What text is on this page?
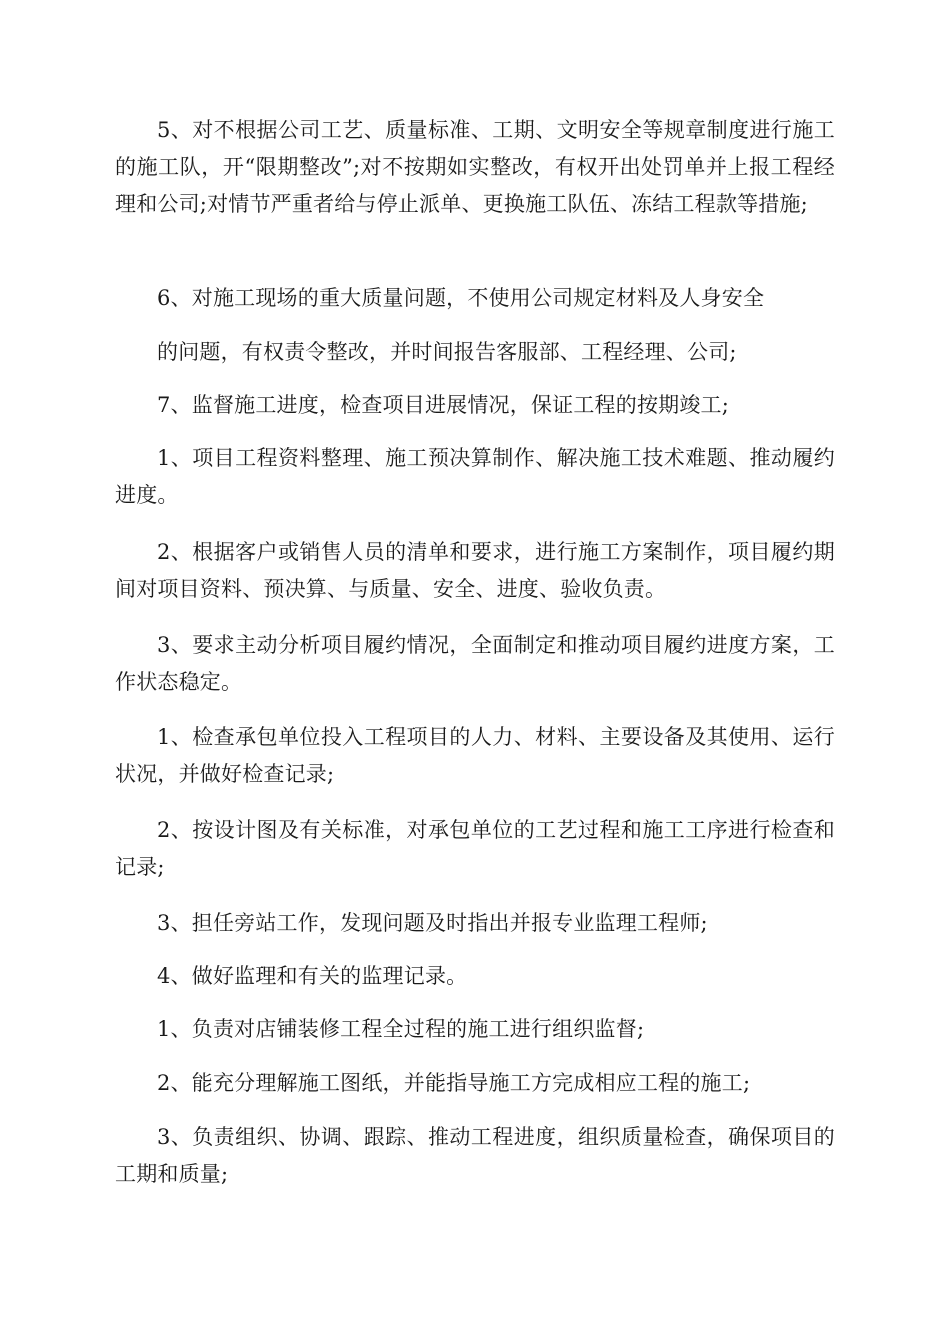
5、对不根据公司工艺、质量标准、工期、文明安全等规章制度进行施工的施工队，开“限期整改”;对不按期如实整改，有权开出处罚单并上报工程经理和公司;对情节严重者给与停止派单、更换施工队伍、冻结工程款等措施;

6、对施工现场的重大质量问题，不使用公司规定材料及人身安全

的问题，有权责令整改，并时间报告客服部、工程经理、公司;

7、监督施工进度，检查项目进展情况，保证工程的按期竣工;

1、项目工程资料整理、施工预决算制作、解决施工技术难题、推动履约进度。

2、根据客户或销售人员的清单和要求，进行施工方案制作，项目履约期间对项目资料、预决算、与质量、安全、进度、验收负责。

3、要求主动分析项目履约情况，全面制定和推动项目履约进度方案，工作状态稳定。

1、检查承包单位投入工程项目的人力、材料、主要设备及其使用、运行状况，并做好检查记录;

2、按设计图及有关标准，对承包单位的工艺过程和施工工序进行检查和记录;

3、担任旁站工作，发现问题及时指出并报专业监理工程师;

4、做好监理和有关的监理记录。

1、负责对店铺装修工程全过程的施工进行组织监督;

2、能充分理解施工图纸，并能指导施工方完成相应工程的施工;

3、负责组织、协调、跟踪、推动工程进度，组织质量检查，确保项目的工期和质量;
